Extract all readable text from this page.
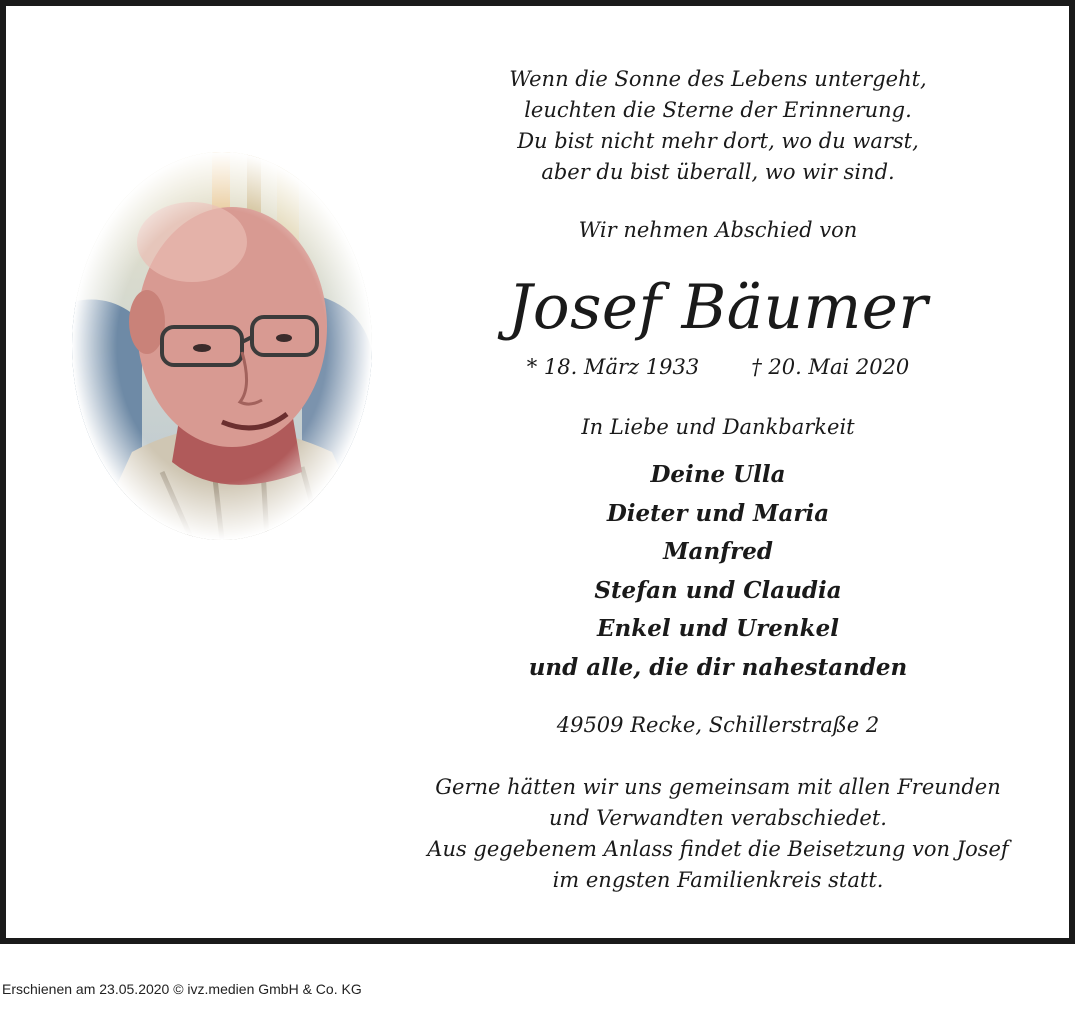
Wenn die Sonne des Lebens untergeht,
leuchten die Sterne der Erinnerung.
Du bist nicht mehr dort, wo du warst,
aber du bist überall, wo wir sind.
Wir nehmen Abschied von
Josef Bäumer
* 18. März 1933 † 20. Mai 2020
In Liebe und Dankbarkeit
Deine Ulla
Dieter und Maria
Manfred
Stefan und Claudia
Enkel und Urenkel
und alle, die dir nahestanden
49509 Recke, Schillerstraße 2
Gerne hätten wir uns gemeinsam mit allen Freunden
und Verwandten verabschiedet.
Aus gegebenem Anlass findet die Beisetzung von Josef
im engsten Familienkreis statt.
Erschienen am 23.05.2020 © ivz.medien GmbH & Co. KG
